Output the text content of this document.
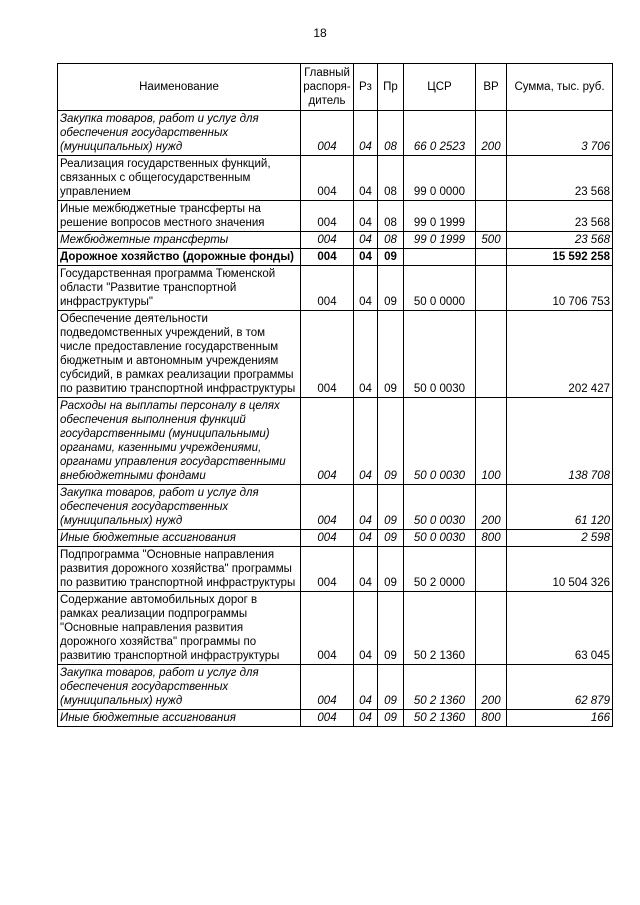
18
Наименование	Главный распоря-дитель	Рз	Пр	ЦСР	ВР	Сумма, тыс. руб.
Закупка товаров, работ и услуг для обеспечения государственных (муниципальных) нужд	004	04	08	66 0 2523	200	3 706
Реализация государственных функций, связанных с общегосударственным управлением	004	04	08	99 0 0000		23 568
Иные межбюджетные трансферты на решение вопросов местного значения	004	04	08	99 0 1999		23 568
Межбюджетные трансферты	004	04	08	99 0 1999	500	23 568
Дорожное хозяйство (дорожные фонды)	004	04	09			15 592 258
Государственная программа Тюменской области "Развитие транспортной инфраструктуры"	004	04	09	50 0 0000		10 706 753
Обеспечение деятельности подведомственных учреждений, в том числе предоставление государственным бюджетным и автономным учреждениям субсидий, в рамках реализации программы по развитию транспортной инфраструктуры	004	04	09	50 0 0030		202 427
Расходы на выплаты персоналу в целях обеспечения выполнения функций государственными (муниципальными) органами, казенными учреждениями, органами управления государственными внебюджетными фондами	004	04	09	50 0 0030	100	138 708
Закупка товаров, работ и услуг для обеспечения государственных (муниципальных) нужд	004	04	09	50 0 0030	200	61 120
Иные бюджетные ассигнования	004	04	09	50 0 0030	800	2 598
Подпрограмма "Основные направления развития дорожного хозяйства" программы по развитию транспортной инфраструктуры	004	04	09	50 2 0000		10 504 326
Содержание автомобильных дорог в рамках реализации подпрограммы "Основные направления развития дорожного хозяйства" программы по развитию транспортной инфраструктуры	004	04	09	50 2 1360		63 045
Закупка товаров, работ и услуг для обеспечения государственных (муниципальных) нужд	004	04	09	50 2 1360	200	62 879
Иные бюджетные ассигнования	004	04	09	50 2 1360	800	166
